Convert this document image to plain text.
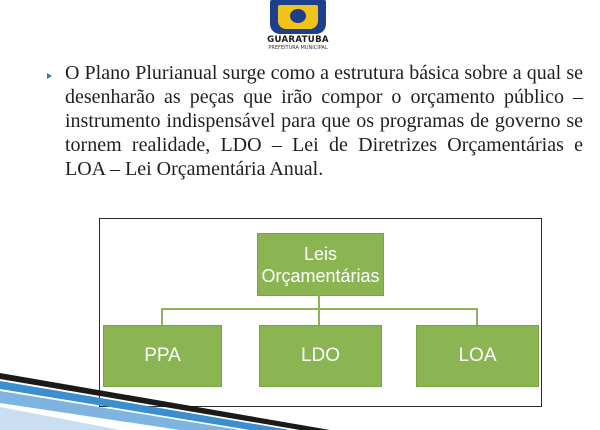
GUARATUBA
PREFEITURA MUNICIPAL
O Plano Plurianual surge como a estrutura básica sobre a qual se desenharão as peças que irão compor o orçamento público – instrumento indispensável para que os programas de governo se tornem realidade, LDO – Lei de Diretrizes Orçamentárias e LOA – Lei Orçamentária Anual.
Leis Orçamentárias
PPA	LDO	LOA
